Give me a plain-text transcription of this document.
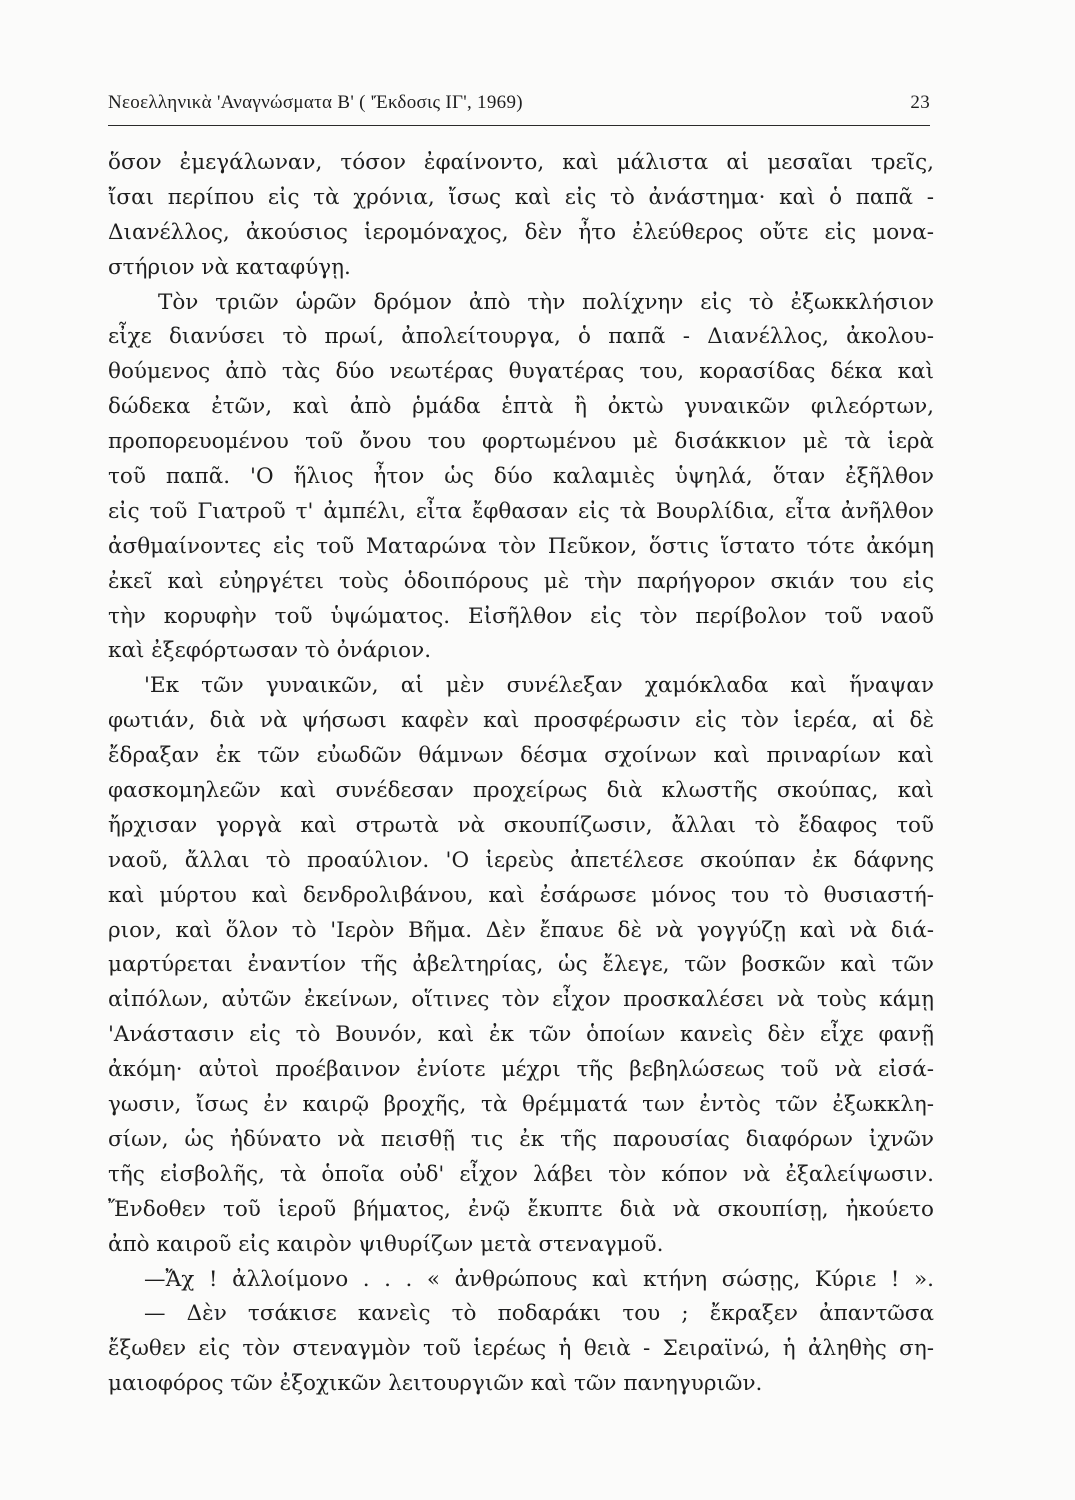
Νεοελληνικὰ 'Αναγνώσματα Β' ( 'Έκδοσις ΙΓ', 1969)	23
ὅσον ἐμεγάλωναν, τόσον ἐφαίνοντο, καὶ μάλιστα αἱ μεσαῖαι τρεῖς,
ἴσαι περίπου εἰς τὰ χρόνια, ἴσως καὶ εἰς τὸ ἀνάστημα· καὶ ὁ παπᾶ -
Διανέλλος, ἀκούσιος ἱερομόναχος, δὲν ἦτο ἐλεύθερος οὔτε εἰς μονα-
στήριον νὰ καταφύγῃ.
Τὸν τριῶν ὡρῶν δρόμον ἀπὸ τὴν πολίχνην εἰς τὸ ἐξωκκλήσιον
εἶχε διανύσει τὸ πρωί, ἀπολείτουργα, ὁ παπᾶ - Διανέλλος, ἀκολου-
θούμενος ἀπὸ τὰς δύο νεωτέρας θυγατέρας του, κορασίδας δέκα καὶ
δώδεκα ἐτῶν, καὶ ἀπὸ ῥμάδα ἑπτὰ ἢ ὀκτὼ γυναικῶν φιλεόρτων,
προπορευομένου τοῦ ὄνου του φορτωμένου μὲ δισάκκιον μὲ τὰ ἱερὰ
τοῦ παπᾶ. 'Ο ἥλιος ἦτον ὡς δύο καλαμιὲς ὑψηλά, ὅταν ἐξῆλθον
εἰς τοῦ Γιατροῦ τ' ἀμπέλι, εἶτα ἔφθασαν εἰς τὰ Βουρλίδια, εἶτα ἀνῆλθον
ἀσθμαίνοντες εἰς τοῦ Ματαρώνα τὸν Πεῦκον, ὅστις ἵστατο τότε ἀκόμη
ἐκεῖ καὶ εὐηργέτει τοὺς ὁδοιπόρους μὲ τὴν παρήγορον σκιάν του εἰς
τὴν κορυφὴν τοῦ ὑψώματος. Εἰσῆλθον εἰς τὸν περίβολον τοῦ ναοῦ
καὶ ἐξεφόρτωσαν τὸ ὀνάριον.
'Εκ τῶν γυναικῶν, αἱ μὲν συνέλεξαν χαμόκλαδα καὶ ἥναψαν
φωτιάν, διὰ νὰ ψήσωσι καφὲν καὶ προσφέρωσιν εἰς τὸν ἱερέα, αἱ δὲ
ἔδραξαν ἐκ τῶν εὐωδῶν θάμνων δέσμα σχοίνων καὶ πριναρίων καὶ
φασκομηλεῶν καὶ συνέδεσαν προχείρως διὰ κλωστῆς σκούπας, καὶ
ἤρχισαν γοργὰ καὶ στρωτὰ νὰ σκουπίζωσιν, ἄλλαι τὸ ἔδαφος τοῦ
ναοῦ, ἄλλαι τὸ προαύλιον. 'Ο ἱερεὺς ἀπετέλεσε σκούπαν ἐκ δάφνης
καὶ μύρτου καὶ δενδρολιβάνου, καὶ ἐσάρωσε μόνος του τὸ θυσιαστή-
ριον, καὶ ὅλον τὸ 'Ιερὸν Βῆμα. Δὲν ἔπαυε δὲ νὰ γογγύζῃ καὶ νὰ διά-
μαρτύρεται ἐναντίον τῆς ἀβελτηρίας, ὡς ἔλεγε, τῶν βοσκῶν καὶ τῶν
αἰπόλων, αὐτῶν ἐκείνων, οἵτινες τὸν εἶχον προσκαλέσει νὰ τοὺς κάμῃ
'Ανάστασιν εἰς τὸ Βουνόν, καὶ ἐκ τῶν ὁποίων κανεὶς δὲν εἶχε φανῇ
ἀκόμη· αὐτοὶ προέβαινον ἐνίοτε μέχρι τῆς βεβηλώσεως τοῦ νὰ εἰσά-
γωσιν, ἴσως ἐν καιρῷ βροχῆς, τὰ θρέμματά των ἐντὸς τῶν ἐξωκκλη-
σίων, ὡς ἠδύνατο νὰ πεισθῇ τις ἐκ τῆς παρουσίας διαφόρων ἰχνῶν
τῆς εἰσβολῆς, τὰ ὁποῖα οὐδ' εἶχον λάβει τὸν κόπον νὰ ἐξαλείψωσιν.
Ἔνδοθεν τοῦ ἱεροῦ βήματος, ἐνῷ ἔκυπτε διὰ νὰ σκουπίσῃ, ἠκούετο
ἀπὸ καιροῦ εἰς καιρὸν ψιθυρίζων μετὰ στεναγμοῦ.
—Ἄχ ! ἀλλοίμονο . . . « ἀνθρώπους καὶ κτήνη σώσῃς, Κύριε ! ».
— Δὲν τσάκισε κανεὶς τὸ ποδαράκι του ; ἔκραξεν ἀπαντῶσα
ἔξωθεν εἰς τὸν στεναγμὸν τοῦ ἱερέως ἡ θειὰ - Σειραϊνώ, ἡ ἀληθὴς ση-
μαιοφόρος τῶν ἐξοχικῶν λειτουργιῶν καὶ τῶν πανηγυριῶν.
